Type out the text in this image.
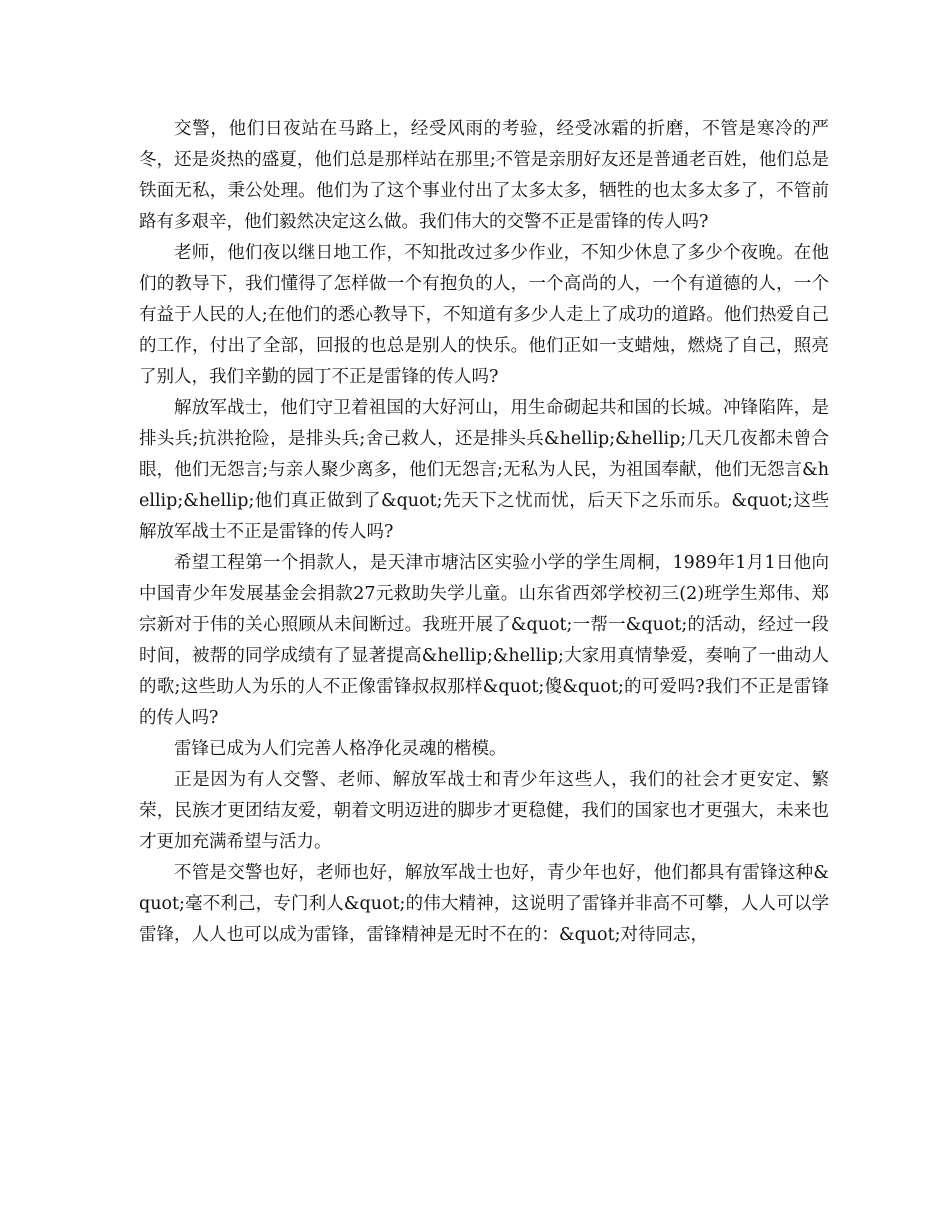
交警，他们日夜站在马路上，经受风雨的考验，经受冰霜的折磨，不管是寒冷的严冬，还是炎热的盛夏，他们总是那样站在那里;不管是亲朋好友还是普通老百姓，他们总是铁面无私，秉公处理。他们为了这个事业付出了太多太多，牺牲的也太多太多了，不管前路有多艰辛，他们毅然决定这么做。我们伟大的交警不正是雷锋的传人吗?

老师，他们夜以继日地工作，不知批改过多少作业，不知少休息了多少个夜晚。在他们的教导下，我们懂得了怎样做一个有抱负的人，一个高尚的人，一个有道德的人，一个有益于人民的人;在他们的悉心教导下，不知道有多少人走上了成功的道路。他们热爱自己的工作，付出了全部，回报的也总是别人的快乐。他们正如一支蜡烛，燃烧了自己，照亮了别人，我们辛勤的园丁不正是雷锋的传人吗?

解放军战士，他们守卫着祖国的大好河山，用生命砌起共和国的长城。冲锋陷阵，是排头兵;抗洪抢险，是排头兵;舍己救人，还是排头兵&hellip;&hellip;几天几夜都未曾合眼，他们无怨言;与亲人聚少离多，他们无怨言;无私为人民，为祖国奉献，他们无怨言&hellip;&hellip;他们真正做到了&quot;先天下之忧而忧，后天下之乐而乐。&quot;这些解放军战士不正是雷锋的传人吗?

希望工程第一个捐款人，是天津市塘沽区实验小学的学生周桐，1989年1月1日他向中国青少年发展基金会捐款27元救助失学儿童。山东省西郊学校初三(2)班学生郑伟、郑宗新对于伟的关心照顾从未间断过。我班开展了&quot;一帮一&quot;的活动，经过一段时间，被帮的同学成绩有了显著提高&hellip;&hellip;大家用真情挚爱，奏响了一曲动人的歌;这些助人为乐的人不正像雷锋叔叔那样&quot;傻&quot;的可爱吗?我们不正是雷锋的传人吗?

雷锋已成为人们完善人格净化灵魂的楷模。

正是因为有人交警、老师、解放军战士和青少年这些人，我们的社会才更安定、繁荣，民族才更团结友爱，朝着文明迈进的脚步才更稳健，我们的国家也才更强大，未来也才更加充满希望与活力。

不管是交警也好，老师也好，解放军战士也好，青少年也好，他们都具有雷锋这种&quot;毫不利己，专门利人&quot;的伟大精神，这说明了雷锋并非高不可攀，人人可以学雷锋，人人也可以成为雷锋，雷锋精神是无时不在的：&quot;对待同志，
